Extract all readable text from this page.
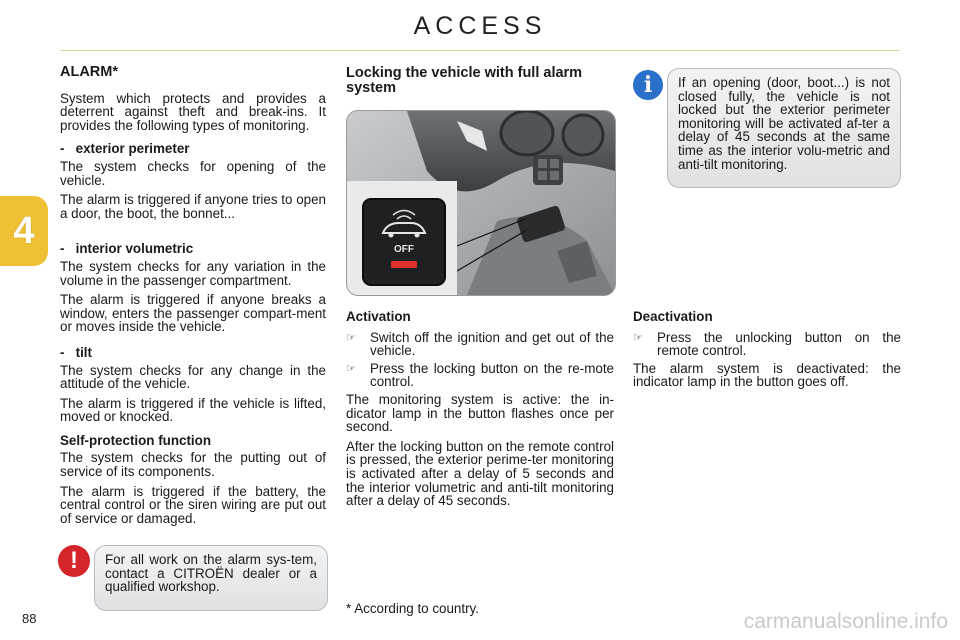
ACCESS
4
ALARM*

System which protects and provides a deterrent against theft and break-ins. It provides the following types of monitoring.

-   exterior perimeter

The system checks for opening of the vehicle.

The alarm is triggered if anyone tries to open a door, the boot, the bonnet...

-   interior volumetric

The system checks for any variation in the volume in the passenger compartment.

The alarm is triggered if anyone breaks a window, enters the passenger compart-ment or moves inside the vehicle.

-   tilt

The system checks for any change in the attitude of the vehicle.

The alarm is triggered if the vehicle is lifted, moved or knocked.

Self-protection function

The system checks for the putting out of service of its components.

The alarm is triggered if the battery, the central control or the siren wiring are put out of service or damaged.

!	For all work on the alarm sys-tem, contact a CITROËN dealer or a qualified workshop.

Locking the vehicle with full alarm system
OFF
Activation
☞	Switch off the ignition and get out of the vehicle.
☞	Press the locking button on the re-mote control.

The monitoring system is active: the in-dicator lamp in the button flashes once per second.

After the locking button on the remote control is pressed, the exterior perime-ter monitoring is activated after a delay of 5 seconds and the interior volumetric and anti-tilt monitoring after a delay of 45 seconds.

* According to country.
i	If an opening (door, boot...) is not closed fully, the vehicle is not locked but the exterior perimeter monitoring will be activated af-ter a delay of 45 seconds at the same time as the interior volu-metric and anti-tilt monitoring.

Deactivation
☞	Press the unlocking button on the remote control.

The alarm system is deactivated: the indicator lamp in the button goes off.

88	carmanualsonline.info
